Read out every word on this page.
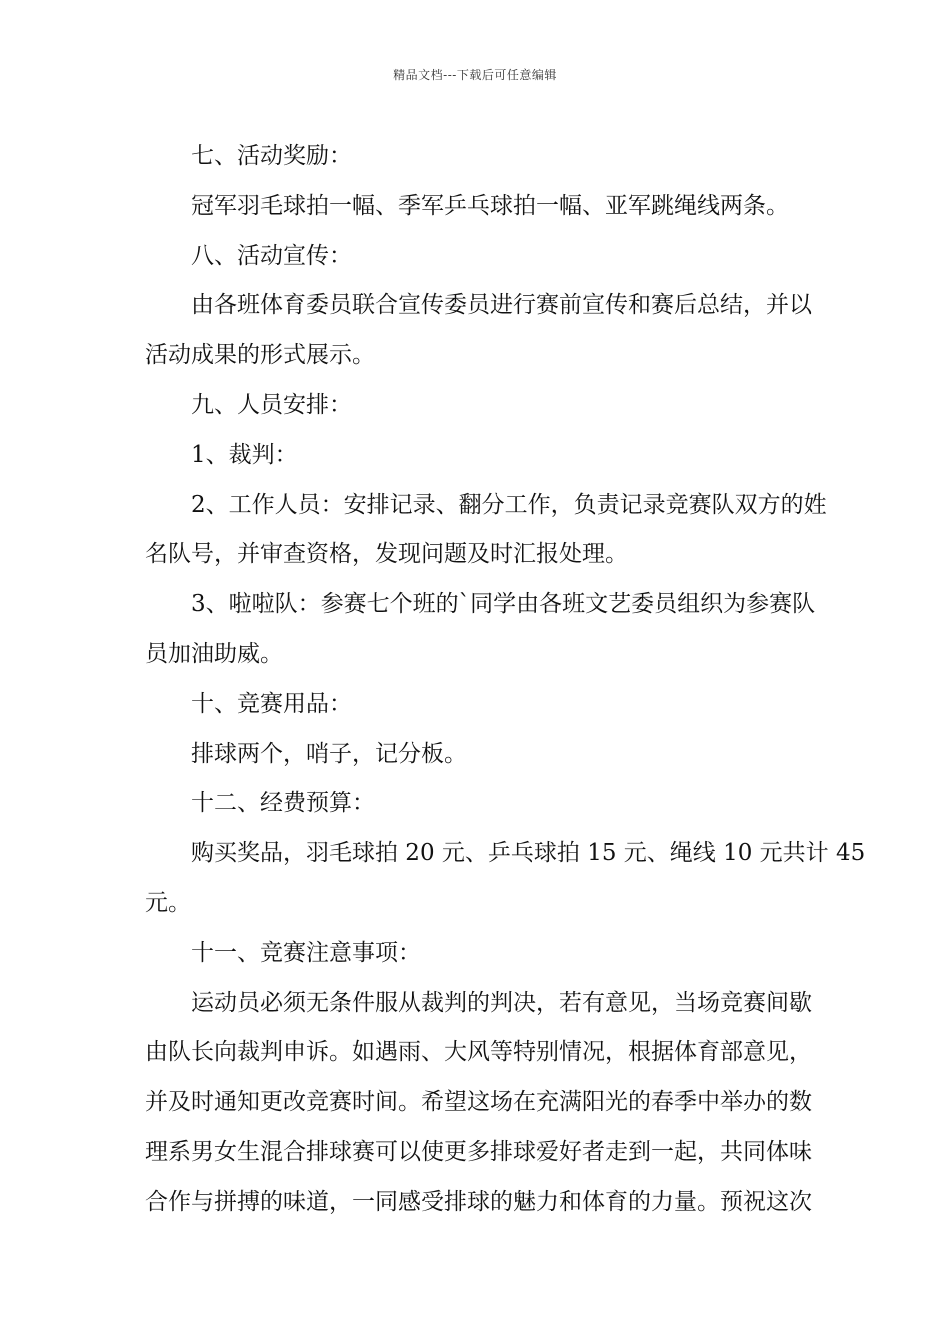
精品文档---下载后可任意编辑
七、活动奖励：
冠军羽毛球拍一幅、季军乒乓球拍一幅、亚军跳绳线两条。
八、活动宣传：
由各班体育委员联合宣传委员进行赛前宣传和赛后总结，并以
活动成果的形式展示。
九、人员安排：
1、裁判：
2、工作人员：安排记录、翻分工作，负责记录竞赛队双方的姓
名队号，并审查资格，发现问题及时汇报处理。
3、啦啦队：参赛七个班的`同学由各班文艺委员组织为参赛队
员加油助威。
十、竞赛用品：
排球两个，哨子，记分板。
十二、经费预算：
购买奖品，羽毛球拍 20 元、乒乓球拍 15 元、绳线 10 元共计 45
元。
十一、竞赛注意事项：
运动员必须无条件服从裁判的判决，若有意见，当场竞赛间歇
由队长向裁判申诉。如遇雨、大风等特别情况，根据体育部意见，
并及时通知更改竞赛时间。希望这场在充满阳光的春季中举办的数
理系男女生混合排球赛可以使更多排球爱好者走到一起，共同体味
合作与拼搏的味道，一同感受排球的魅力和体育的力量。预祝这次
